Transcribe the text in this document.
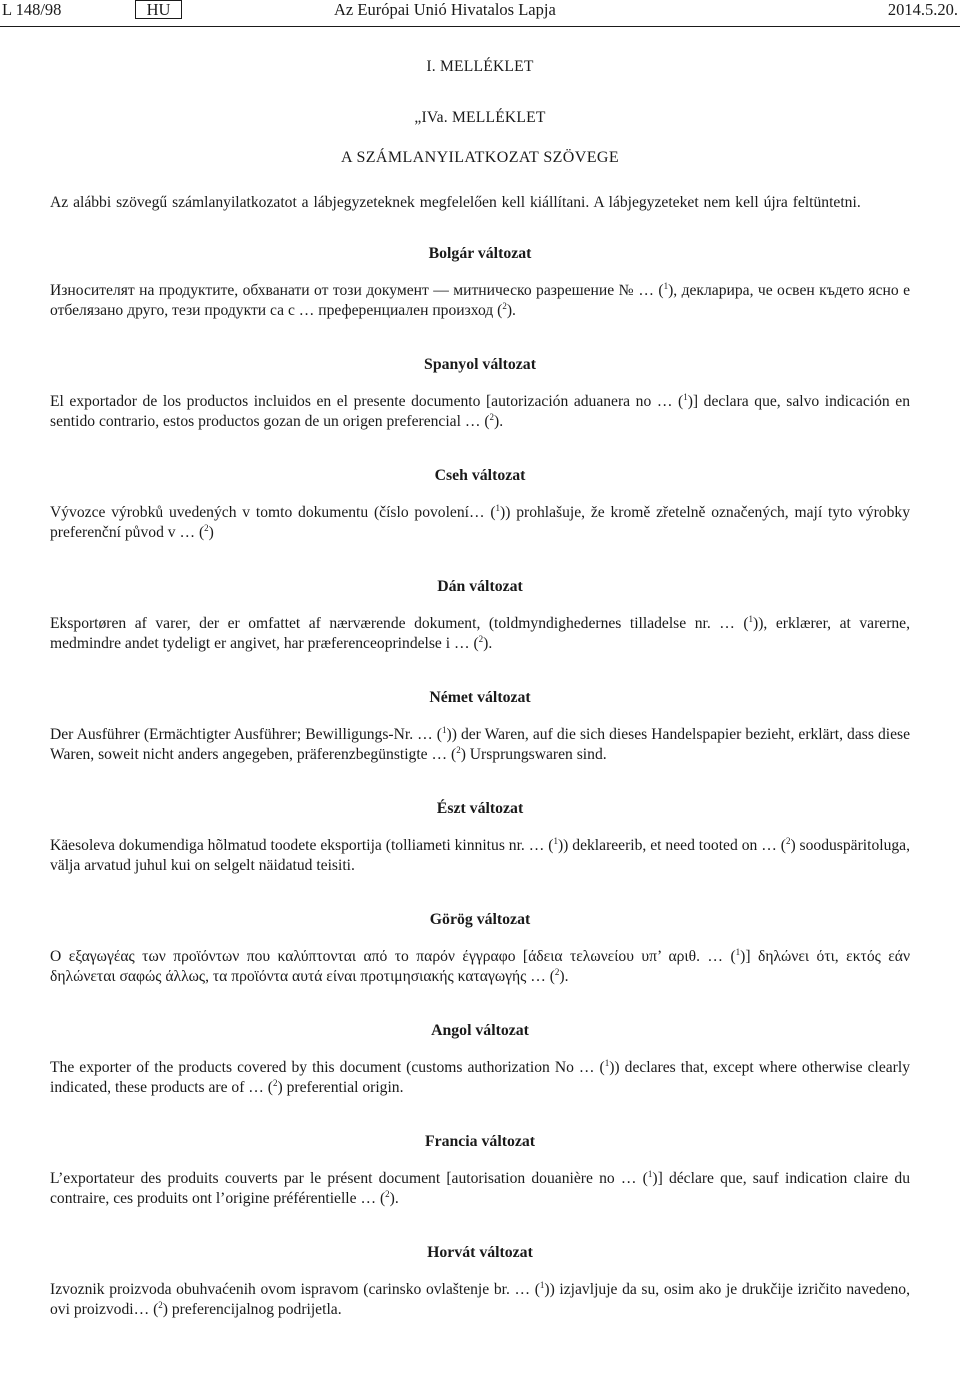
L 148/98	HU	Az Európai Unió Hivatalos Lapja	2014.5.20.

I. MELLÉKLET

„IVa. MELLÉKLET

A SZÁMLANYILATKOZAT SZÖVEGE

Az alábbi szövegű számlanyilatkozatot a lábjegyzeteknek megfelelően kell kiállítani. A lábjegyzeteket nem kell újra feltüntetni.

Bolgár változat

Износителят на продуктите, обхванати от този документ — митническо разрешение № … ($^1$), декларира, че освен където ясно е отбелязано друго, тези продукти са с … преференциален произход ($^2$).

Spanyol változat

El exportador de los productos incluidos en el presente documento [autorización aduanera no … ($^1$)] declara que, salvo indicación en sentido contrario, estos productos gozan de un origen preferencial … ($^2$).

Cseh változat

Vývozce výrobků uvedených v tomto dokumentu (číslo povolení… ($^1$)) prohlašuje, že kromě zřetelně označených, mají tyto výrobky preferenční původ v … ($^2$)

Dán változat

Eksportøren af varer, der er omfattet af nærværende dokument, (toldmyndighedernes tilladelse nr. … ($^1$)), erklærer, at varerne, medmindre andet tydeligt er angivet, har præferenceoprindelse i … ($^2$).

Német változat

Der Ausführer (Ermächtigter Ausführer; Bewilligungs-Nr. … ($^1$)) der Waren, auf die sich dieses Handelspapier bezieht, erklärt, dass diese Waren, soweit nicht anders angegeben, präferenzbegünstigte … ($^2$) Ursprungswaren sind.

Észt változat

Käesoleva dokumendiga hõlmatud toodete eksportija (tolliameti kinnitus nr. … ($^1$)) deklareerib, et need tooted on … ($^2$) sooduspäritoluga, välja arvatud juhul kui on selgelt näidatud teisiti.

Görög változat

Ο εξαγωγέας των προϊόντων που καλύπτονται από το παρόν έγγραφο [άδεια τελωνείου υπ’ αριθ. … ($^1$)] δηλώνει ότι, εκτός εάν δηλώνεται σαφώς άλλως, τα προϊόντα αυτά είναι προτιμησιακής καταγωγής … ($^2$).

Angol változat

The exporter of the products covered by this document (customs authorization No … ($^1$)) declares that, except where otherwise clearly indicated, these products are of … ($^2$) preferential origin.

Francia változat

L’exportateur des produits couverts par le présent document [autorisation douanière no … ($^1$)] déclare que, sauf indication claire du contraire, ces produits ont l’origine préférentielle … ($^2$).

Horvát változat

Izvoznik proizvoda obuhvaćenih ovom ispravom (carinsko ovlaštenje br. … ($^1$)) izjavljuje da su, osim ako je drukčije izričito navedeno, ovi proizvodi… ($^2$) preferencijalnog podrijetla.
